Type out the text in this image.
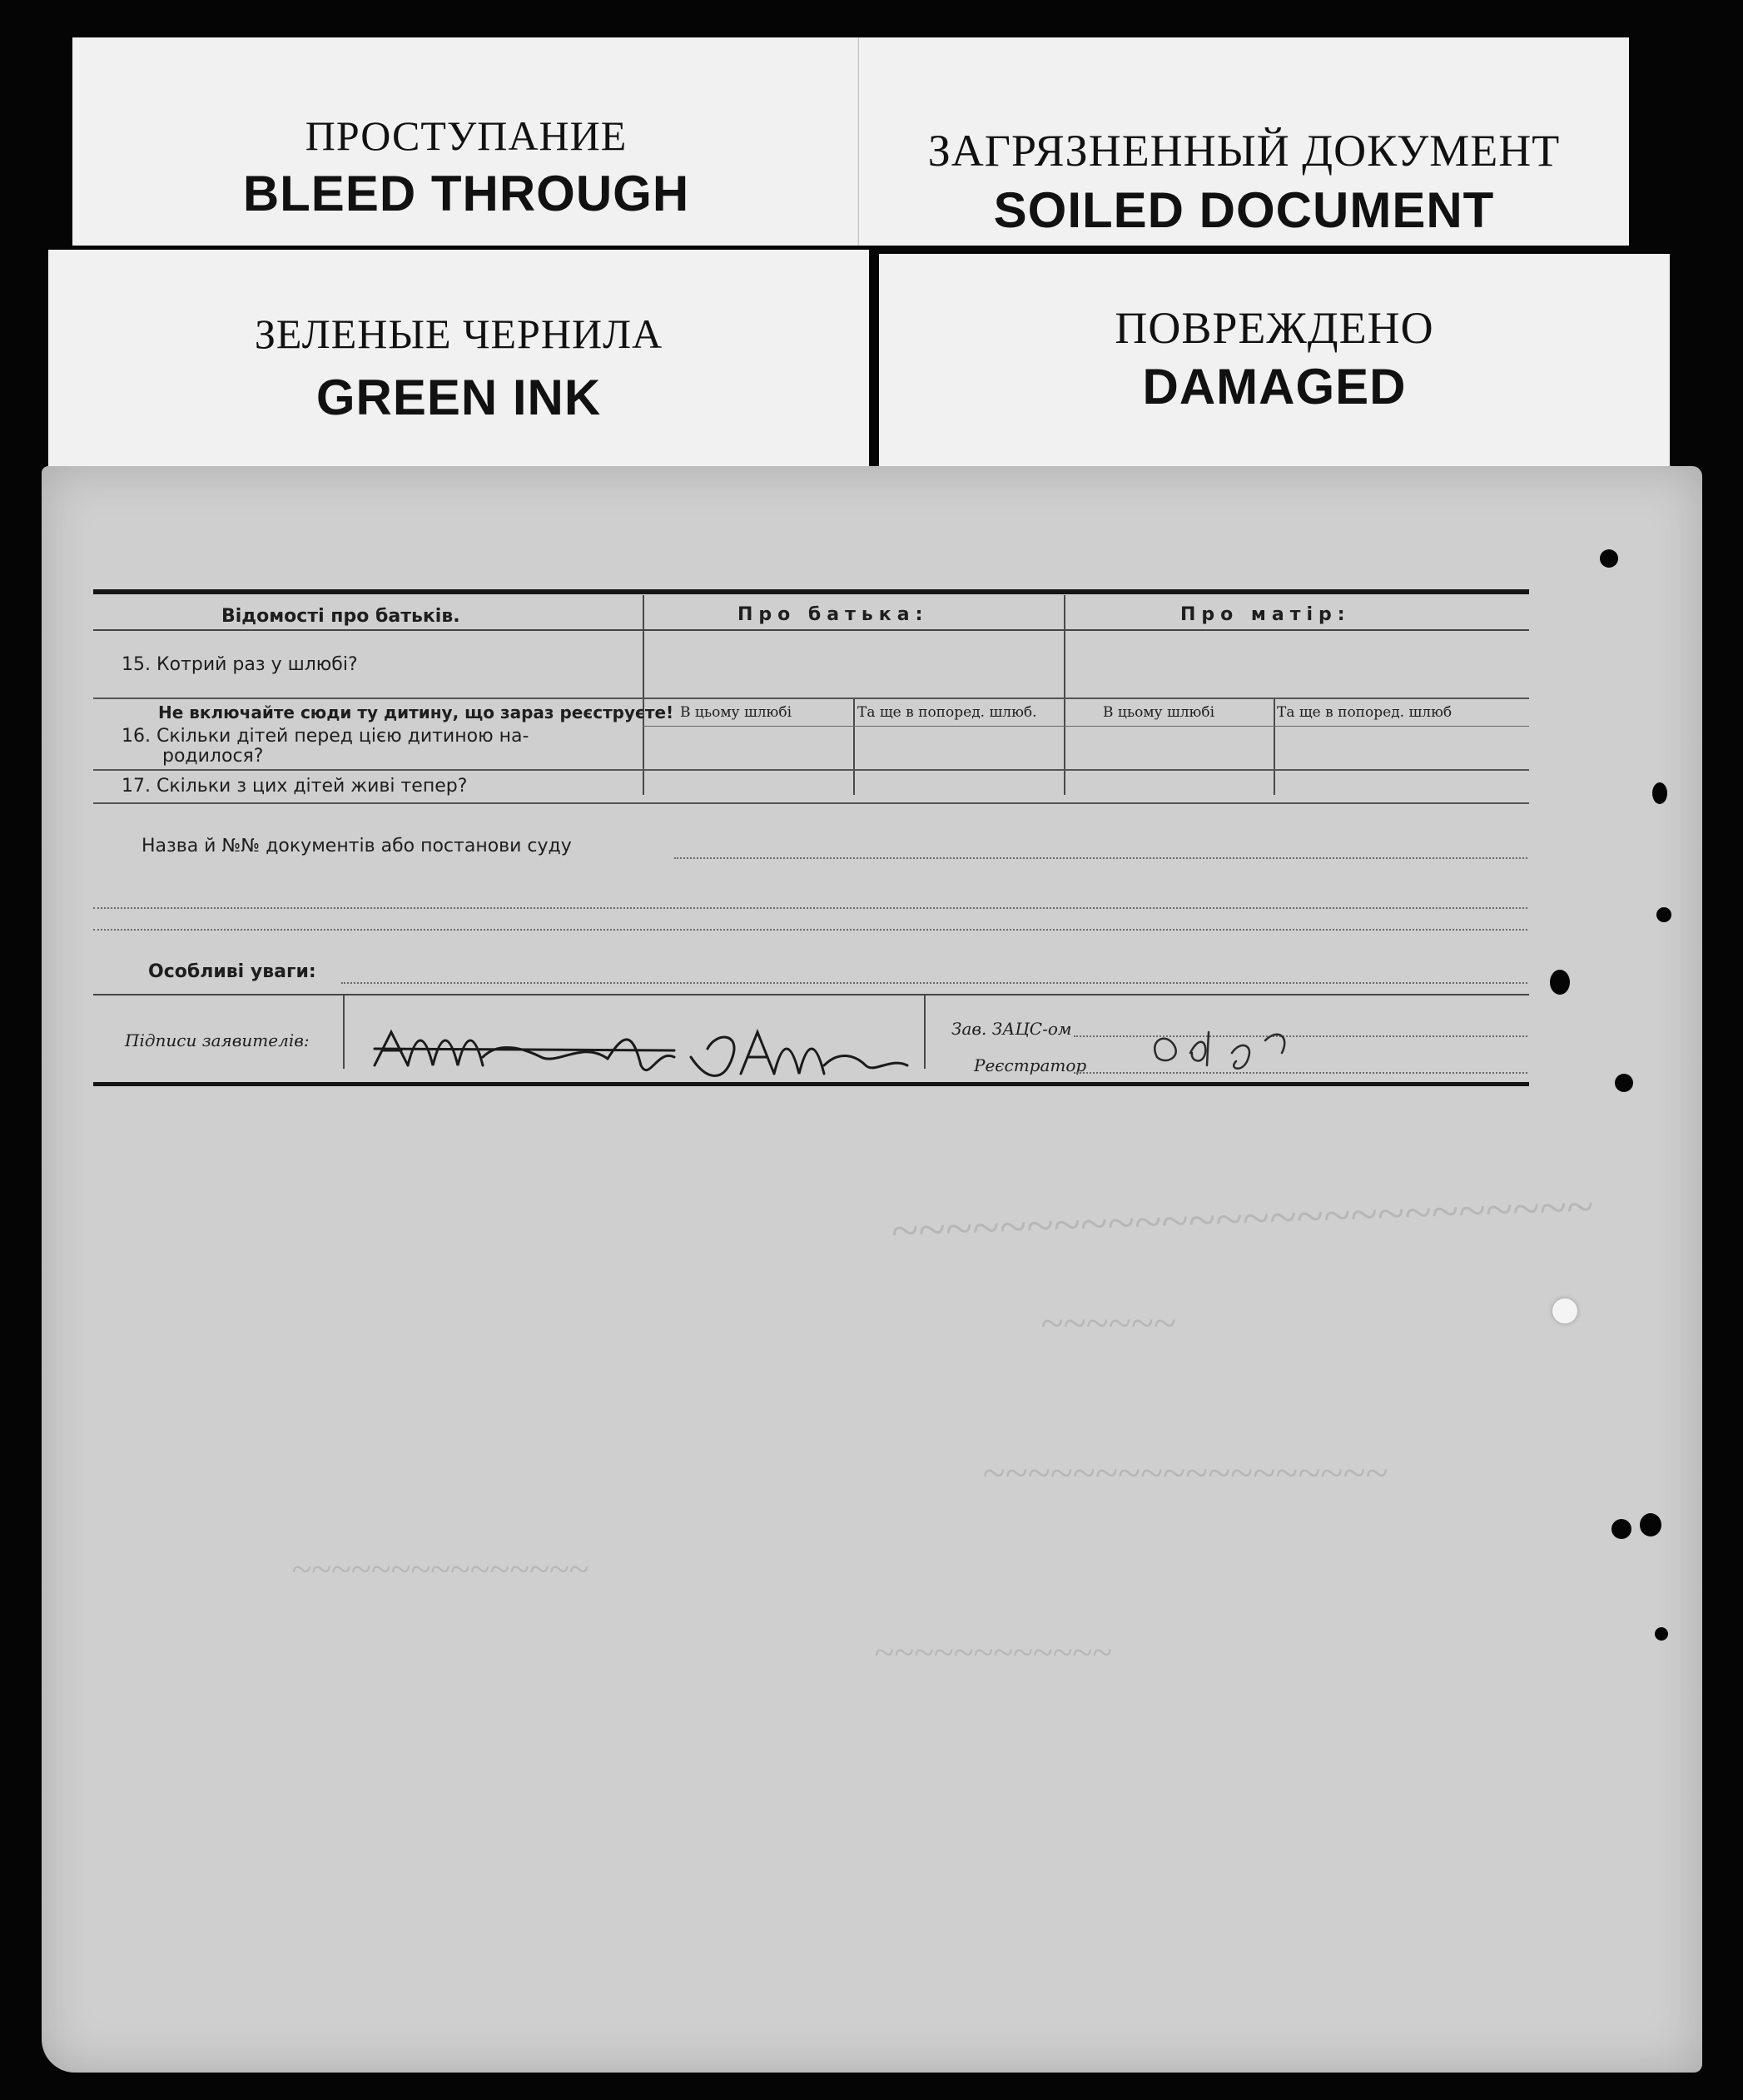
ПРОСТУПАНИЕ
BLEED THROUGH
ЗАГРЯЗНЕННЫЙ ДОКУМЕНТ
SOILED DOCUMENT
ЗЕЛЕНЫЕ ЧЕРНИЛА
GREEN INK
ПОВРЕЖДЕНО
DAMAGED
~~~~~~~~~~~~~~~~~~~~~~~~~~
~~~~~~
~~~~~~~~~~~~~~~~~~
~~~~~~~~~~~~
~~~~~~~~~~~~~~~
Відомості про батьків.	Про батька:	Про матір:
15. Котрий раз у шлюбі?
Не включайте сюди ту дитину, що зараз реєструєте! В цьому шлюбі	Та ще в попоред. шлюб.	В цьому шлюбі	Та ще в попоред. шлюб
16. Скільки дітей перед цією дитиною на-
родилося?
17. Скільки з цих дітей живі тепер?
Назва й №№ документів або постанови суду
Особливі уваги:
Підписи заявителів:
Зав. ЗАЦС-ом
Реєстратор
